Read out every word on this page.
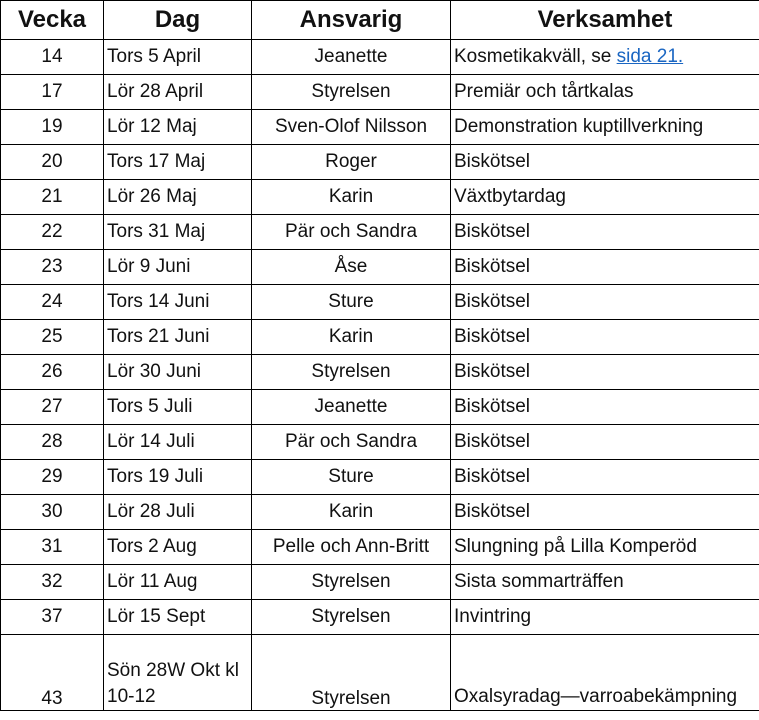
Vecka	Dag	Ansvarig	Verksamhet
14	Tors 5 April	Jeanette	Kosmetikakväll, se sida 21.
17	Lör 28 April	Styrelsen	Premiär och tårtkalas
19	Lör 12 Maj	Sven-Olof Nilsson	Demonstration kuptillverkning
20	Tors 17 Maj	Roger	Biskötsel
21	Lör 26 Maj	Karin	Växtbytardag
22	Tors 31 Maj	Pär och Sandra	Biskötsel
23	Lör 9 Juni	Åse	Biskötsel
24	Tors 14 Juni	Sture	Biskötsel
25	Tors 21 Juni	Karin	Biskötsel
26	Lör 30 Juni	Styrelsen	Biskötsel
27	Tors 5 Juli	Jeanette	Biskötsel
28	Lör 14 Juli	Pär och Sandra	Biskötsel
29	Tors 19 Juli	Sture	Biskötsel
30	Lör 28 Juli	Karin	Biskötsel
31	Tors 2 Aug	Pelle och Ann-Britt	Slungning på Lilla Komperöd
32	Lör 11 Aug	Styrelsen	Sista sommarträffen
37	Lör 15 Sept	Styrelsen	Invintring
43	Sön 28W Okt kl 10-12	Styrelsen	Oxalsyradag—varroabekämpning
